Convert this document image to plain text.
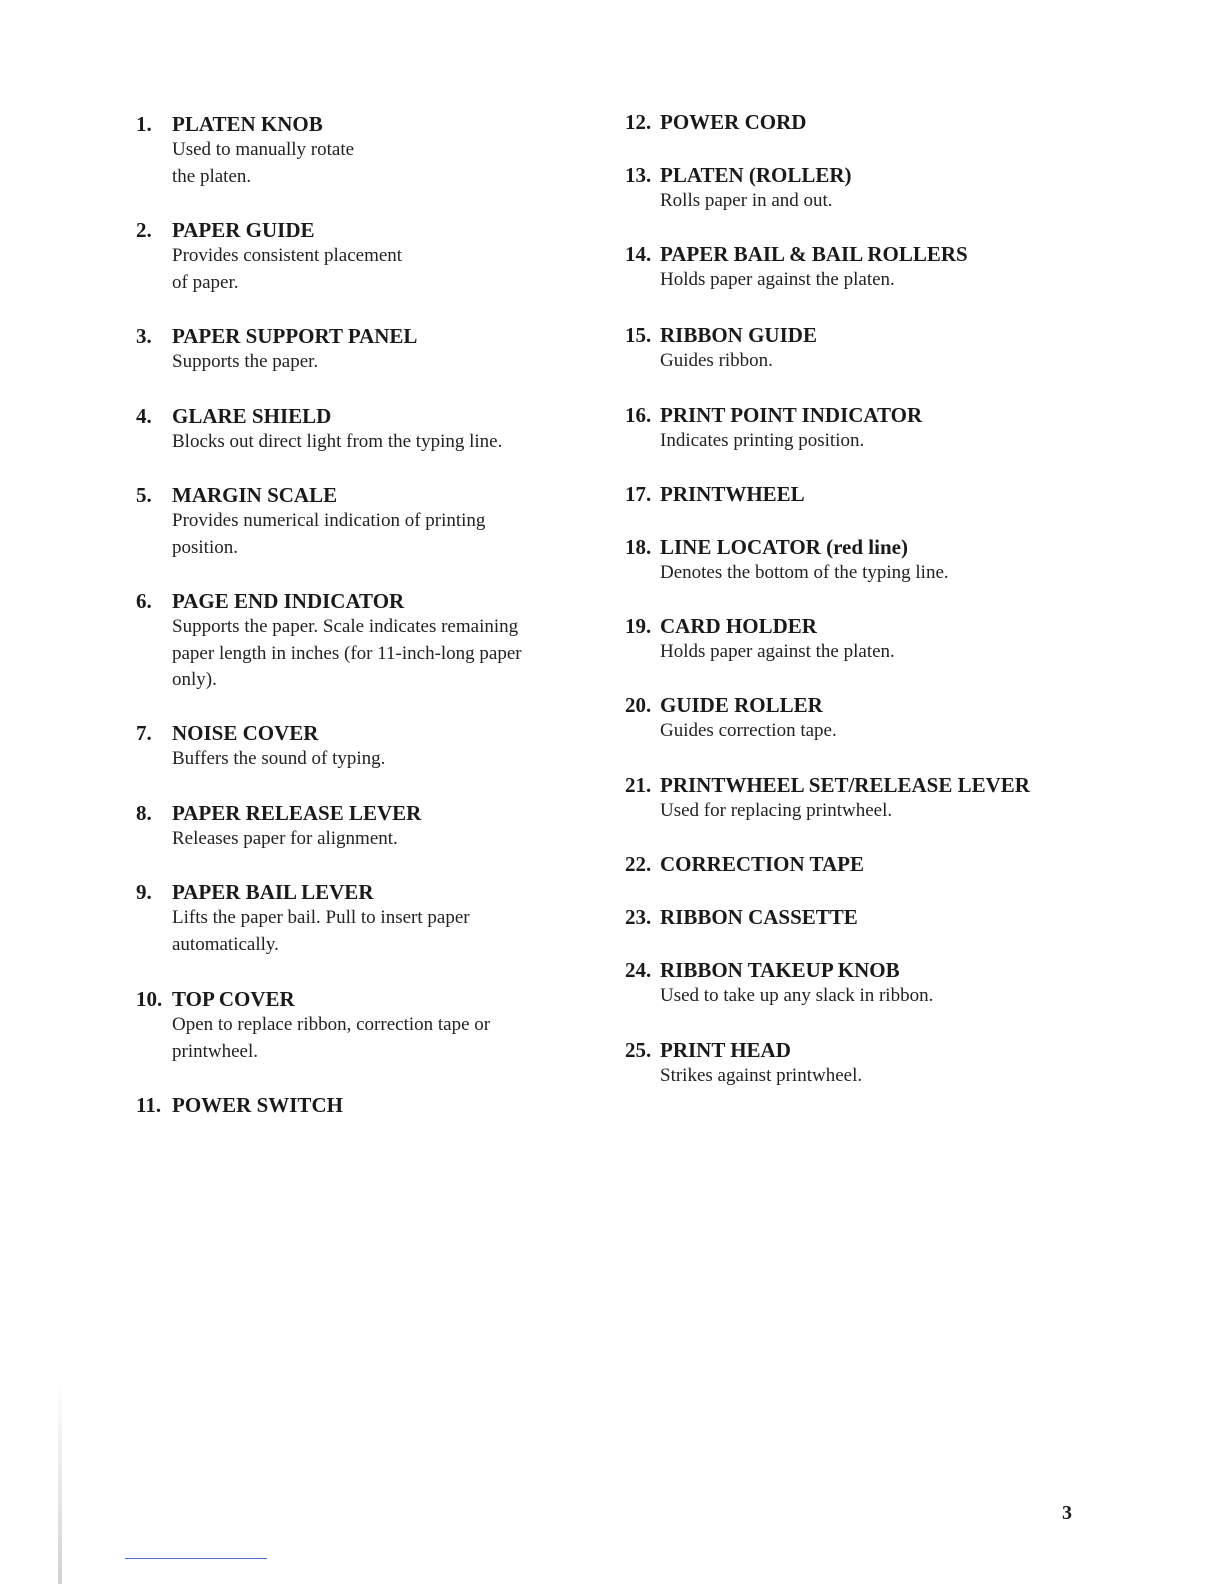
1. PLATEN KNOB
Used to manually rotate
the platen.
2. PAPER GUIDE
Provides consistent placement
of paper.
3. PAPER SUPPORT PANEL
Supports the paper.
4. GLARE SHIELD
Blocks out direct light from the typing line.
5. MARGIN SCALE
Provides numerical indication of printing
position.
6. PAGE END INDICATOR
Supports the paper. Scale indicates remaining
paper length in inches (for 11-inch-long paper
only).
7. NOISE COVER
Buffers the sound of typing.
8. PAPER RELEASE LEVER
Releases paper for alignment.
9. PAPER BAIL LEVER
Lifts the paper bail. Pull to insert paper
automatically.
10. TOP COVER
Open to replace ribbon, correction tape or
printwheel.
11. POWER SWITCH
12. POWER CORD
13. PLATEN (ROLLER)
Rolls paper in and out.
14. PAPER BAIL & BAIL ROLLERS
Holds paper against the platen.
15. RIBBON GUIDE
Guides ribbon.
16. PRINT POINT INDICATOR
Indicates printing position.
17. PRINTWHEEL
18. LINE LOCATOR (red line)
Denotes the bottom of the typing line.
19. CARD HOLDER
Holds paper against the platen.
20. GUIDE ROLLER
Guides correction tape.
21. PRINTWHEEL SET/RELEASE LEVER
Used for replacing printwheel.
22. CORRECTION TAPE
23. RIBBON CASSETTE
24. RIBBON TAKEUP KNOB
Used to take up any slack in ribbon.
25. PRINT HEAD
Strikes against printwheel.
3
